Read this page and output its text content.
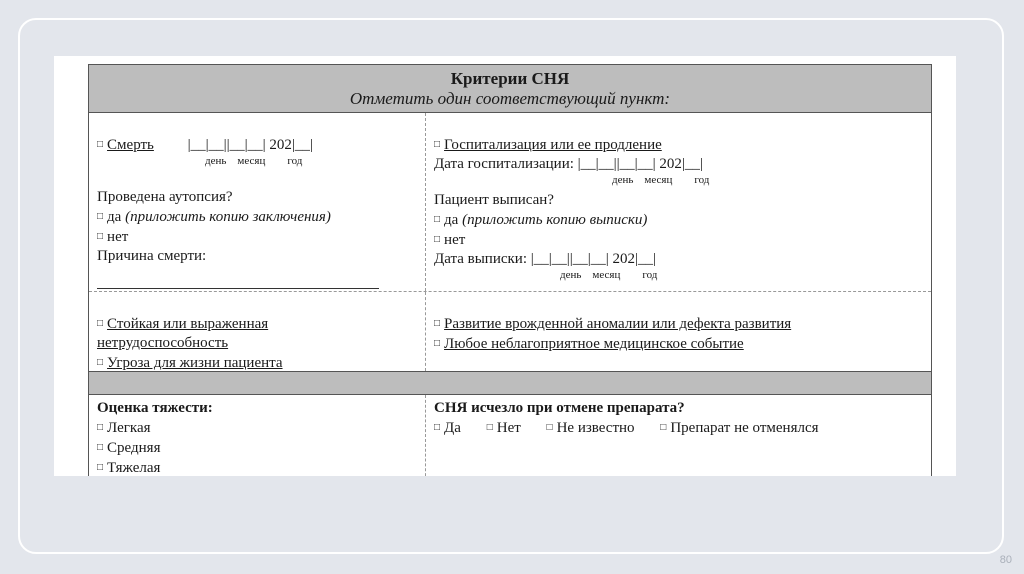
Критерии СНЯ
Отметить один соответствующий пункт:
□ Смерть |__|__||__|__| 202|__|
день    месяц        год
Проведена аутопсия?
□ да (приложить копию заключения)
□ нет
Причина смерти:
□ Госпитализация или ее продление
Дата госпитализации: |__|__||__|__| 202|__|
день    месяц        год
Пациент выписан?
□ да (приложить копию выписки)
□ нет
Дата выписки: |__|__||__|__| 202|__|
день    месяц        год
□ Стойкая или выраженная
нетрудоспособность
□ Угроза для жизни пациента
□ Развитие врожденной аномалии или дефекта развития
□ Любое неблагоприятное медицинское событие
Оценка тяжести:
□ Легкая
□ Средняя
□ Тяжелая
СНЯ исчезло при отмене препарата?
□ Да	□ Нет	□ Не известно	□ Препарат не отменялся
80
